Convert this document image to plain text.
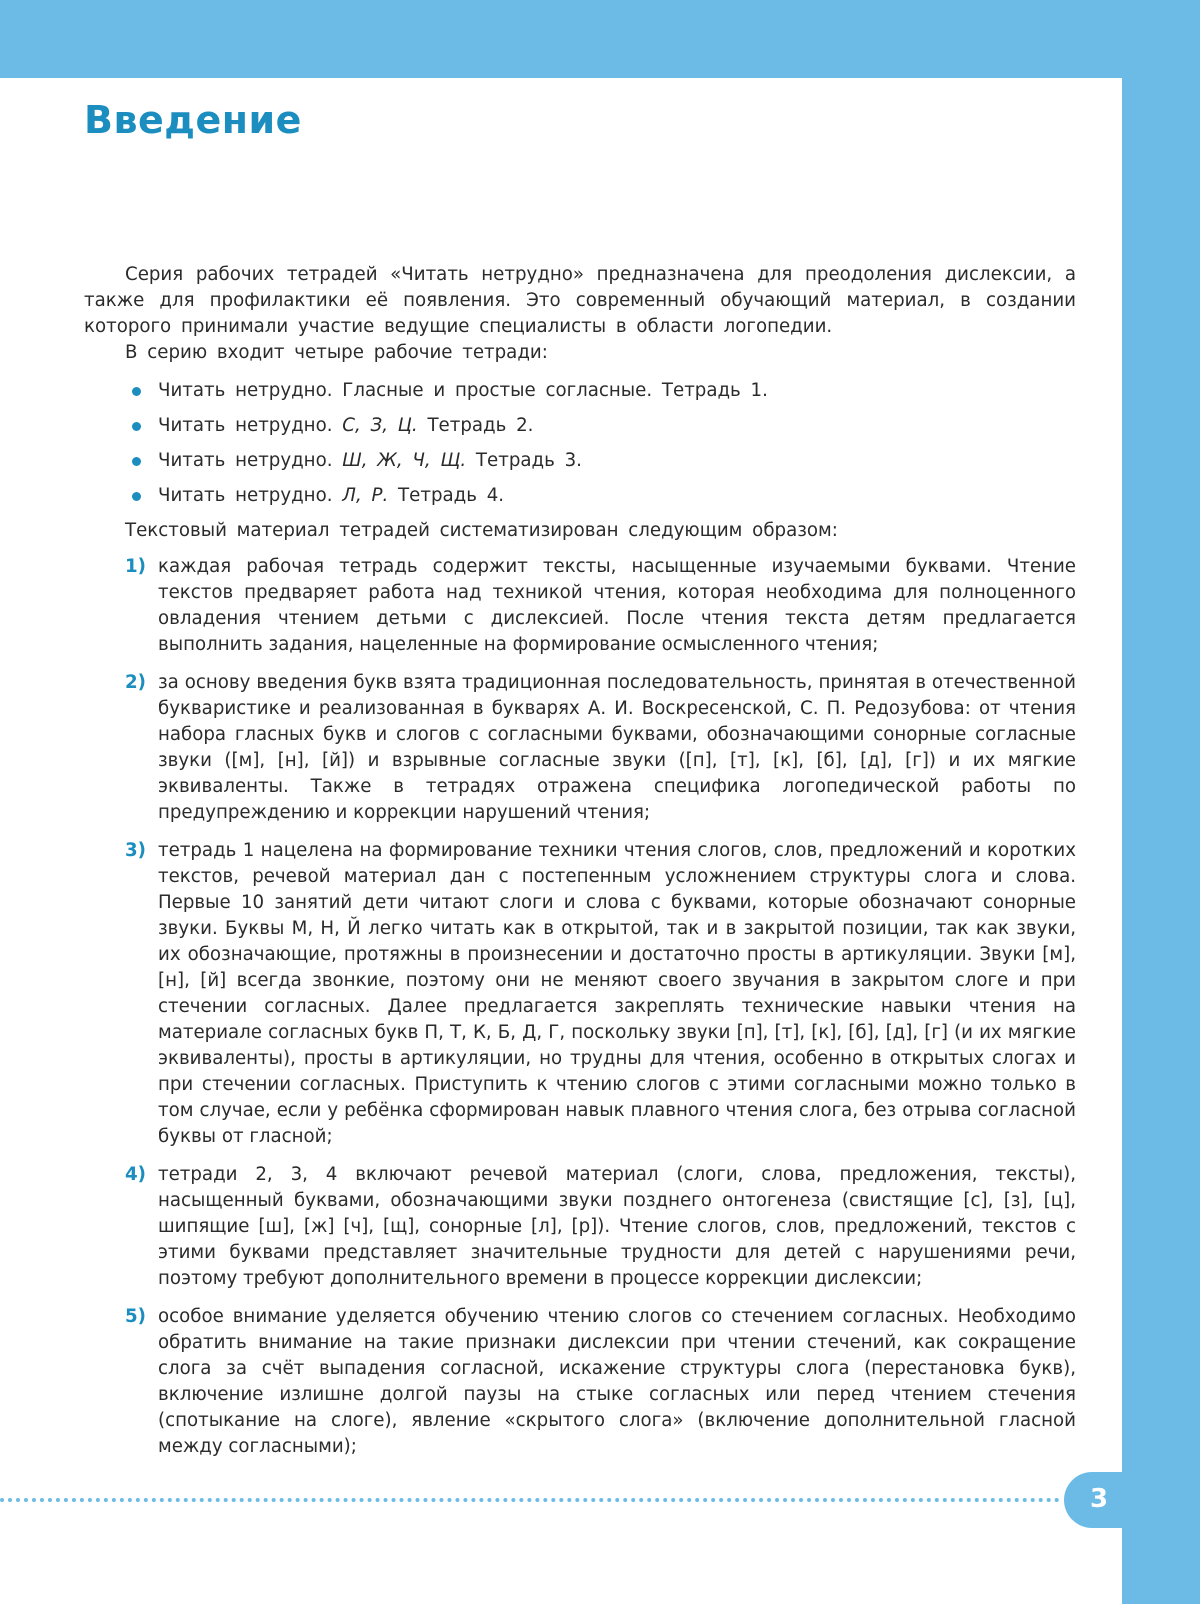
Введение

Серия рабочих тетрадей «Читать нетрудно» предназначена для преодоления дислексии, а также для профилактики её появления. Это современный обучающий материал, в создании которого принимали участие ведущие специалисты в области логопедии.

В серию входит четыре рабочие тетради:

Читать нетрудно. Гласные и простые согласные. Тетрадь 1.
Читать нетрудно. С, З, Ц. Тетрадь 2.
Читать нетрудно. Ш, Ж, Ч, Щ. Тетрадь 3.
Читать нетрудно. Л, Р. Тетрадь 4.

Текстовый материал тетрадей систематизирован следующим образом:

1) каждая рабочая тетрадь содержит тексты, насыщенные изучаемыми буквами. Чтение текстов предваряет работа над техникой чтения, которая необходима для полноценного овладения чтением детьми с дислексией. После чтения текста детям предлагается выполнить задания, нацеленные на формирование осмысленного чтения;
2) за основу введения букв взята традиционная последовательность, принятая в отечественной букваристике и реализованная в букварях А. И. Воскресенской, С. П. Редозубова: от чтения набора гласных букв и слогов с согласными буквами, обозначающими сонорные согласные звуки ([м], [н], [й]) и взрывные согласные звуки ([п], [т], [к], [б], [д], [г]) и их мягкие эквиваленты. Также в тетрадях отражена специфика логопедической работы по предупреждению и коррекции нарушений чтения;
3) тетрадь 1 нацелена на формирование техники чтения слогов, слов, предложений и коротких текстов, речевой материал дан с постепенным усложнением структуры слога и слова. Первые 10 занятий дети читают слоги и слова с буквами, которые обозначают сонорные звуки. Буквы М, Н, Й легко читать как в открытой, так и в закрытой позиции, так как звуки, их обозначающие, протяжны в произнесении и достаточно просты в артикуляции. Звуки [м], [н], [й] всегда звонкие, поэтому они не меняют своего звучания в закрытом слоге и при стечении согласных. Далее предлагается закреплять технические навыки чтения на материале согласных букв П, Т, К, Б, Д, Г, поскольку звуки [п], [т], [к], [б], [д], [г] (и их мягкие эквиваленты), просты в артикуляции, но трудны для чтения, особенно в открытых слогах и при стечении согласных. Приступить к чтению слогов с этими согласными можно только в том случае, если у ребёнка сформирован навык плавного чтения слога, без отрыва согласной буквы от гласной;
4) тетради 2, 3, 4 включают речевой материал (слоги, слова, предложения, тексты), насыщенный буквами, обозначающими звуки позднего онтогенеза (свистящие [с], [з], [ц], шипящие [ш], [ж] [ч], [щ], сонорные [л], [р]). Чтение слогов, слов, предложений, текстов с этими буквами представляет значительные трудности для детей с нарушениями речи, поэтому требуют дополнительного времени в процессе коррекции дислексии;
5) особое внимание уделяется обучению чтению слогов со стечением согласных. Необходимо обратить внимание на такие признаки дислексии при чтении стечений, как сокращение слога за счёт выпадения согласной, искажение структуры слога (перестановка букв), включение излишне долгой паузы на стыке согласных или перед чтением стечения (спотыкание на слоге), явление «скрытого слога» (включение дополнительной гласной между согласными);
3
